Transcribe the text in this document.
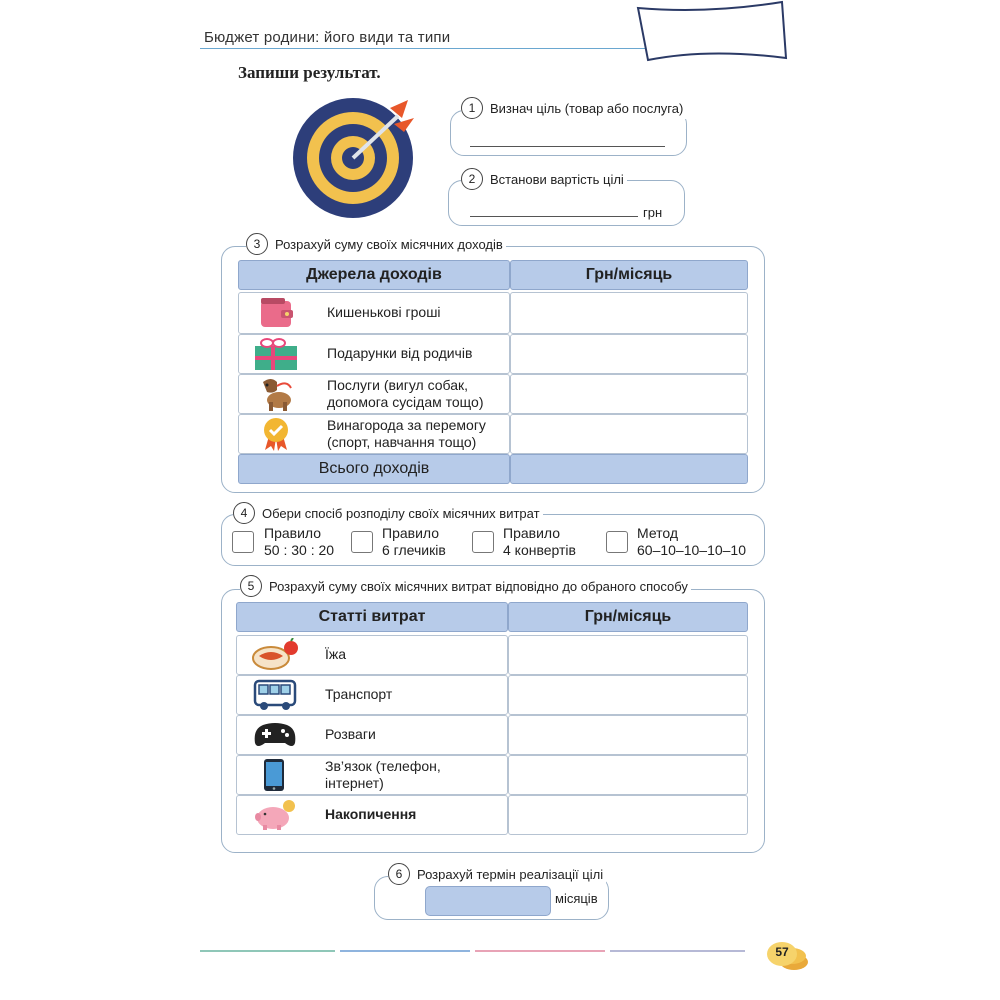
Бюджет родини: його види та типи
Запиши результат.
1	Визнач ціль (товар або послуга)
2	Встанови вартість цілі
грн
3	Розрахуй суму своїх місячних доходів
Джерела доходів	Грн/місяць
Кишенькові гроші
Подарунки від родичів
Послуги (вигул собак,
допомога сусідам тощо)
Винагорода за перемогу
(спорт, навчання тощо)
Всього доходів
4	Обери спосіб розподілу своїх місячних витрат
Правило
50 : 30 : 20
Правило
6 глечиків
Правило
4 конвертів
Метод
60–10–10–10–10
5	Розрахуй суму своїх місячних витрат відповідно до обраного способу
Статті витрат	Грн/місяць
Їжа
Транспорт
Розваги
Зв’язок (телефон,
інтернет)
Накопичення
6	Розрахуй термін реалізації цілі
місяців
57
